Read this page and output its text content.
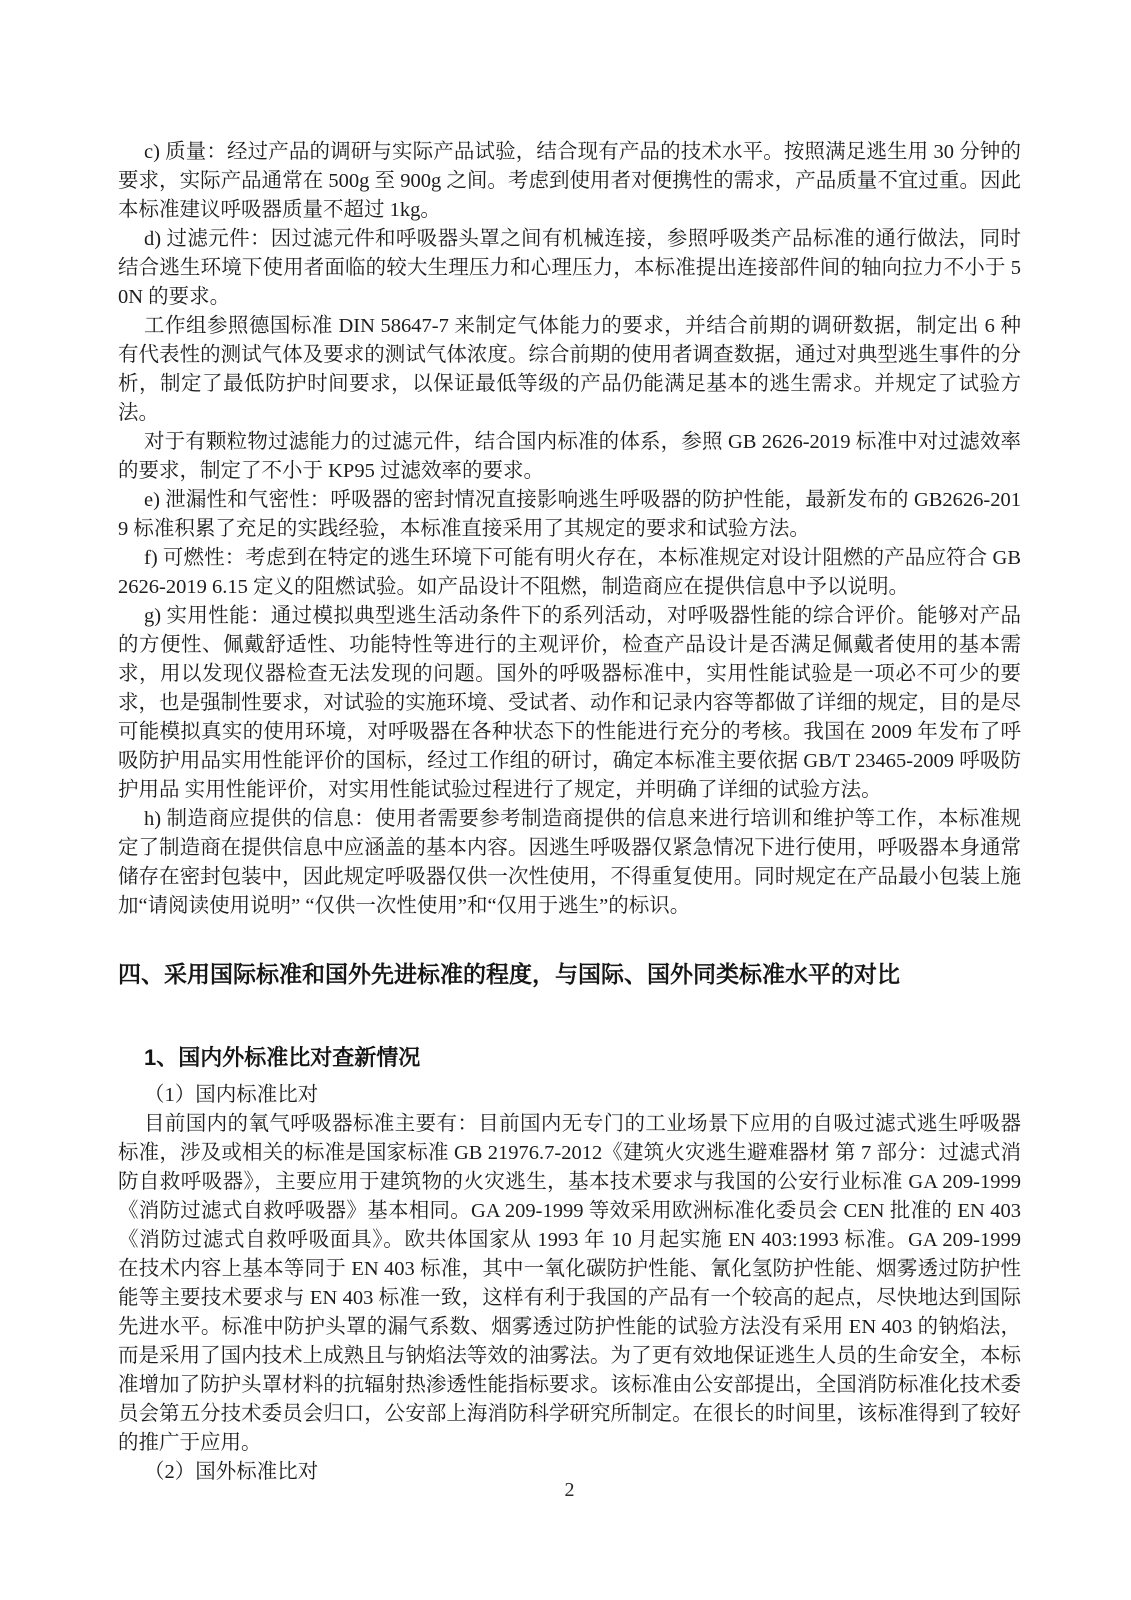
c) 质量：经过产品的调研与实际产品试验，结合现有产品的技术水平。按照满足逃生用 30 分钟的要求，实际产品通常在 500g 至 900g 之间。考虑到使用者对便携性的需求，产品质量不宜过重。因此本标准建议呼吸器质量不超过 1kg。

d) 过滤元件：因过滤元件和呼吸器头罩之间有机械连接，参照呼吸类产品标准的通行做法，同时结合逃生环境下使用者面临的较大生理压力和心理压力，本标准提出连接部件间的轴向拉力不小于 50N 的要求。

工作组参照德国标准 DIN 58647-7 来制定气体能力的要求，并结合前期的调研数据，制定出 6 种有代表性的测试气体及要求的测试气体浓度。综合前期的使用者调查数据，通过对典型逃生事件的分析，制定了最低防护时间要求，以保证最低等级的产品仍能满足基本的逃生需求。并规定了试验方法。

对于有颗粒物过滤能力的过滤元件，结合国内标准的体系，参照 GB 2626-2019 标准中对过滤效率的要求，制定了不小于 KP95 过滤效率的要求。

e) 泄漏性和气密性：呼吸器的密封情况直接影响逃生呼吸器的防护性能，最新发布的 GB2626-2019 标准积累了充足的实践经验，本标准直接采用了其规定的要求和试验方法。

f) 可燃性：考虑到在特定的逃生环境下可能有明火存在，本标准规定对设计阻燃的产品应符合 GB2626-2019 6.15 定义的阻燃试验。如产品设计不阻燃，制造商应在提供信息中予以说明。

g) 实用性能：通过模拟典型逃生活动条件下的系列活动，对呼吸器性能的综合评价。能够对产品的方便性、佩戴舒适性、功能特性等进行的主观评价，检查产品设计是否满足佩戴者使用的基本需求，用以发现仪器检查无法发现的问题。国外的呼吸器标准中，实用性能试验是一项必不可少的要求，也是强制性要求，对试验的实施环境、受试者、动作和记录内容等都做了详细的规定，目的是尽可能模拟真实的使用环境，对呼吸器在各种状态下的性能进行充分的考核。我国在 2009 年发布了呼吸防护用品实用性能评价的国标，经过工作组的研讨，确定本标准主要依据 GB/T 23465-2009 呼吸防护用品 实用性能评价，对实用性能试验过程进行了规定，并明确了详细的试验方法。

h) 制造商应提供的信息：使用者需要参考制造商提供的信息来进行培训和维护等工作，本标准规定了制造商在提供信息中应涵盖的基本内容。因逃生呼吸器仅紧急情况下进行使用，呼吸器本身通常储存在密封包装中，因此规定呼吸器仅供一次性使用，不得重复使用。同时规定在产品最小包装上施加“请阅读使用说明” “仅供一次性使用”和“仅用于逃生”的标识。

四、采用国际标准和国外先进标准的程度，与国际、国外同类标准水平的对比
1、国内外标准比对查新情况

（1）国内标准比对

目前国内的氧气呼吸器标准主要有：目前国内无专门的工业场景下应用的自吸过滤式逃生呼吸器标准，涉及或相关的标准是国家标准 GB 21976.7-2012《建筑火灾逃生避难器材 第 7 部分：过滤式消防自救呼吸器》，主要应用于建筑物的火灾逃生，基本技术要求与我国的公安行业标准 GA 209-1999《消防过滤式自救呼吸器》基本相同。GA 209-1999 等效采用欧洲标准化委员会 CEN 批准的 EN 403《消防过滤式自救呼吸面具》。欧共体国家从 1993 年 10 月起实施 EN 403:1993 标准。GA 209-1999 在技术内容上基本等同于 EN 403 标准，其中一氧化碳防护性能、氰化氢防护性能、烟雾透过防护性能等主要技术要求与 EN 403 标准一致，这样有利于我国的产品有一个较高的起点，尽快地达到国际先进水平。标准中防护头罩的漏气系数、烟雾透过防护性能的试验方法没有采用 EN 403 的钠焰法，而是采用了国内技术上成熟且与钠焰法等效的油雾法。为了更有效地保证逃生人员的生命安全，本标准增加了防护头罩材料的抗辐射热渗透性能指标要求。该标准由公安部提出，全国消防标准化技术委员会第五分技术委员会归口，公安部上海消防科学研究所制定。在很长的时间里，该标准得到了较好的推广于应用。

（2）国外标准比对

2
